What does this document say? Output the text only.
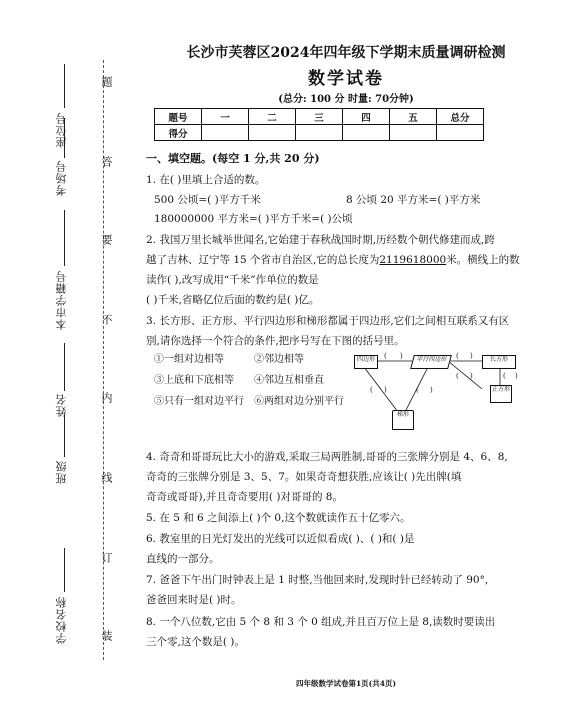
学校名称
班级
姓名
本市学籍号
考场号
座位号
题
答
要
不
内
线
订
装
长沙市芙蓉区2024年四年级下学期末质量调研检测
数学试卷
(总分: 100 分 时量: 70分钟)
题号	一	二	三	四	五	总分
得分						
一、填空题。(每空 1 分,共 20 分)
1. 在( )里填上合适的数。
500 公顷=( )平方千米	8 公顷 20 平方米=( )平方米
180000000 平方米=( )平方千米=( )公顷
2. 我国万里长城举世闻名,它始建于春秋战国时期,历经数个朝代修建而成,跨
越了吉林、辽宁等 15 个省市自治区,它的总长度为2119618000米。横线上的数
读作( ),改写成用“千米”作单位的数是
( )千米,省略亿位后面的数约是( )亿。
3. 长方形、正方形、平行四边形和梯形都属于四边形,它们之间相互联系又有区
别,请你选择一个符合的条件,把序号写在下图的括号里。
①一组对边相等	②邻边相等
③上底和下底相等	④邻边互相垂直
⑤只有一组对边平行	⑥两组对边分别平行
( )	( )
( )
( )	( )
( )
四边形	平行四边形	长方形
正方形
梯形
4. 奇奇和哥哥玩比大小的游戏,采取三局两胜制,哥哥的三张牌分别是 4、6、8,
奇奇的三张牌分别是 3、5、7。如果奇奇想获胜,应该让( )先出牌(填
奇奇或哥哥),并且奇奇要用( )对哥哥的 8。
5. 在 5 和 6 之间添上( )个 0,这个数就读作五十亿零六。
6. 教室里的日光灯发出的光线可以近似看成( )、( )和( )是
直线的一部分。
7. 爸爸下午出门时钟表上是 1 时整,当他回来时,发现时针已经转动了 90°,
爸爸回来时是( )时。
8. 一个八位数,它由 5 个 8 和 3 个 0 组成,并且百万位上是 8,读数时要读出
三个零,这个数是( )。
四年级数学试卷第1页(共4页)
